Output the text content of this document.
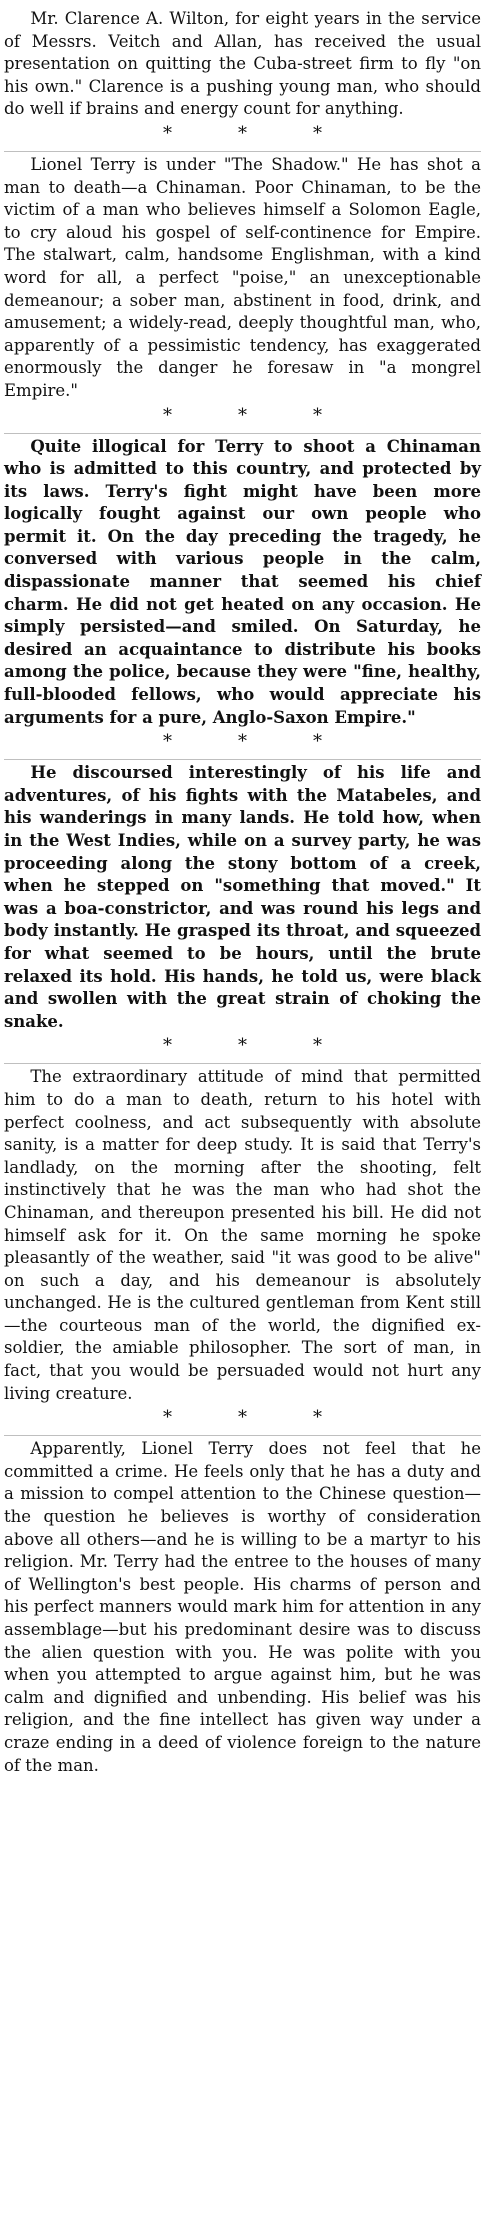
Mr. Clarence A. Wilton, for eight years in the service of Messrs. Veitch and Allan, has received the usual presentation on quitting the Cuba-street firm to fly "on his own." Clarence is a pushing young man, who should do well if brains and energy count for anything.

*	*	*

Lionel Terry is under "The Shadow." He has shot a man to death—a Chinaman. Poor Chinaman, to be the victim of a man who believes himself a Solomon Eagle, to cry aloud his gospel of self-continence for Empire. The stalwart, calm, handsome Englishman, with a kind word for all, a perfect "poise," an unexceptionable demeanour; a sober man, abstinent in food, drink, and amusement; a widely-read, deeply thoughtful man, who, apparently of a pessimistic tendency, has exaggerated enormously the danger he foresaw in "a mongrel Empire."

*	*	*

Quite illogical for Terry to shoot a Chinaman who is admitted to this country, and protected by its laws. Terry's fight might have been more logically fought against our own people who permit it. On the day preceding the tragedy, he conversed with various people in the calm, dispassionate manner that seemed his chief charm. He did not get heated on any occasion. He simply persisted—and smiled. On Saturday, he desired an acquaintance to distribute his books among the police, because they were "fine, healthy, full-blooded fellows, who would appreciate his arguments for a pure, Anglo-Saxon Empire."

*	*	*

He discoursed interestingly of his life and adventures, of his fights with the Matabeles, and his wanderings in many lands. He told how, when in the West Indies, while on a survey party, he was proceeding along the stony bottom of a creek, when he stepped on "something that moved." It was a boa-constrictor, and was round his legs and body instantly. He grasped its throat, and squeezed for what seemed to be hours, until the brute relaxed its hold. His hands, he told us, were black and swollen with the great strain of choking the snake.

*	*	*

The extraordinary attitude of mind that permitted him to do a man to death, return to his hotel with perfect coolness, and act subsequently with absolute sanity, is a matter for deep study. It is said that Terry's landlady, on the morning after the shooting, felt instinctively that he was the man who had shot the Chinaman, and thereupon presented his bill. He did not himself ask for it. On the same morning he spoke pleasantly of the weather, said "it was good to be alive" on such a day, and his demeanour is absolutely unchanged. He is the cultured gentleman from Kent still—the courteous man of the world, the dignified ex-soldier, the amiable philosopher. The sort of man, in fact, that you would be persuaded would not hurt any living creature.

*	*	*

Apparently, Lionel Terry does not feel that he committed a crime. He feels only that he has a duty and a mission to compel attention to the Chinese question—the question he believes is worthy of consideration above all others—and he is willing to be a martyr to his religion. Mr. Terry had the entree to the houses of many of Wellington's best people. His charms of person and his perfect manners would mark him for attention in any assemblage—but his predominant desire was to discuss the alien question with you. He was polite with you when you attempted to argue against him, but he was calm and dignified and unbending. His belief was his religion, and the fine intellect has given way under a craze ending in a deed of violence foreign to the nature of the man.
